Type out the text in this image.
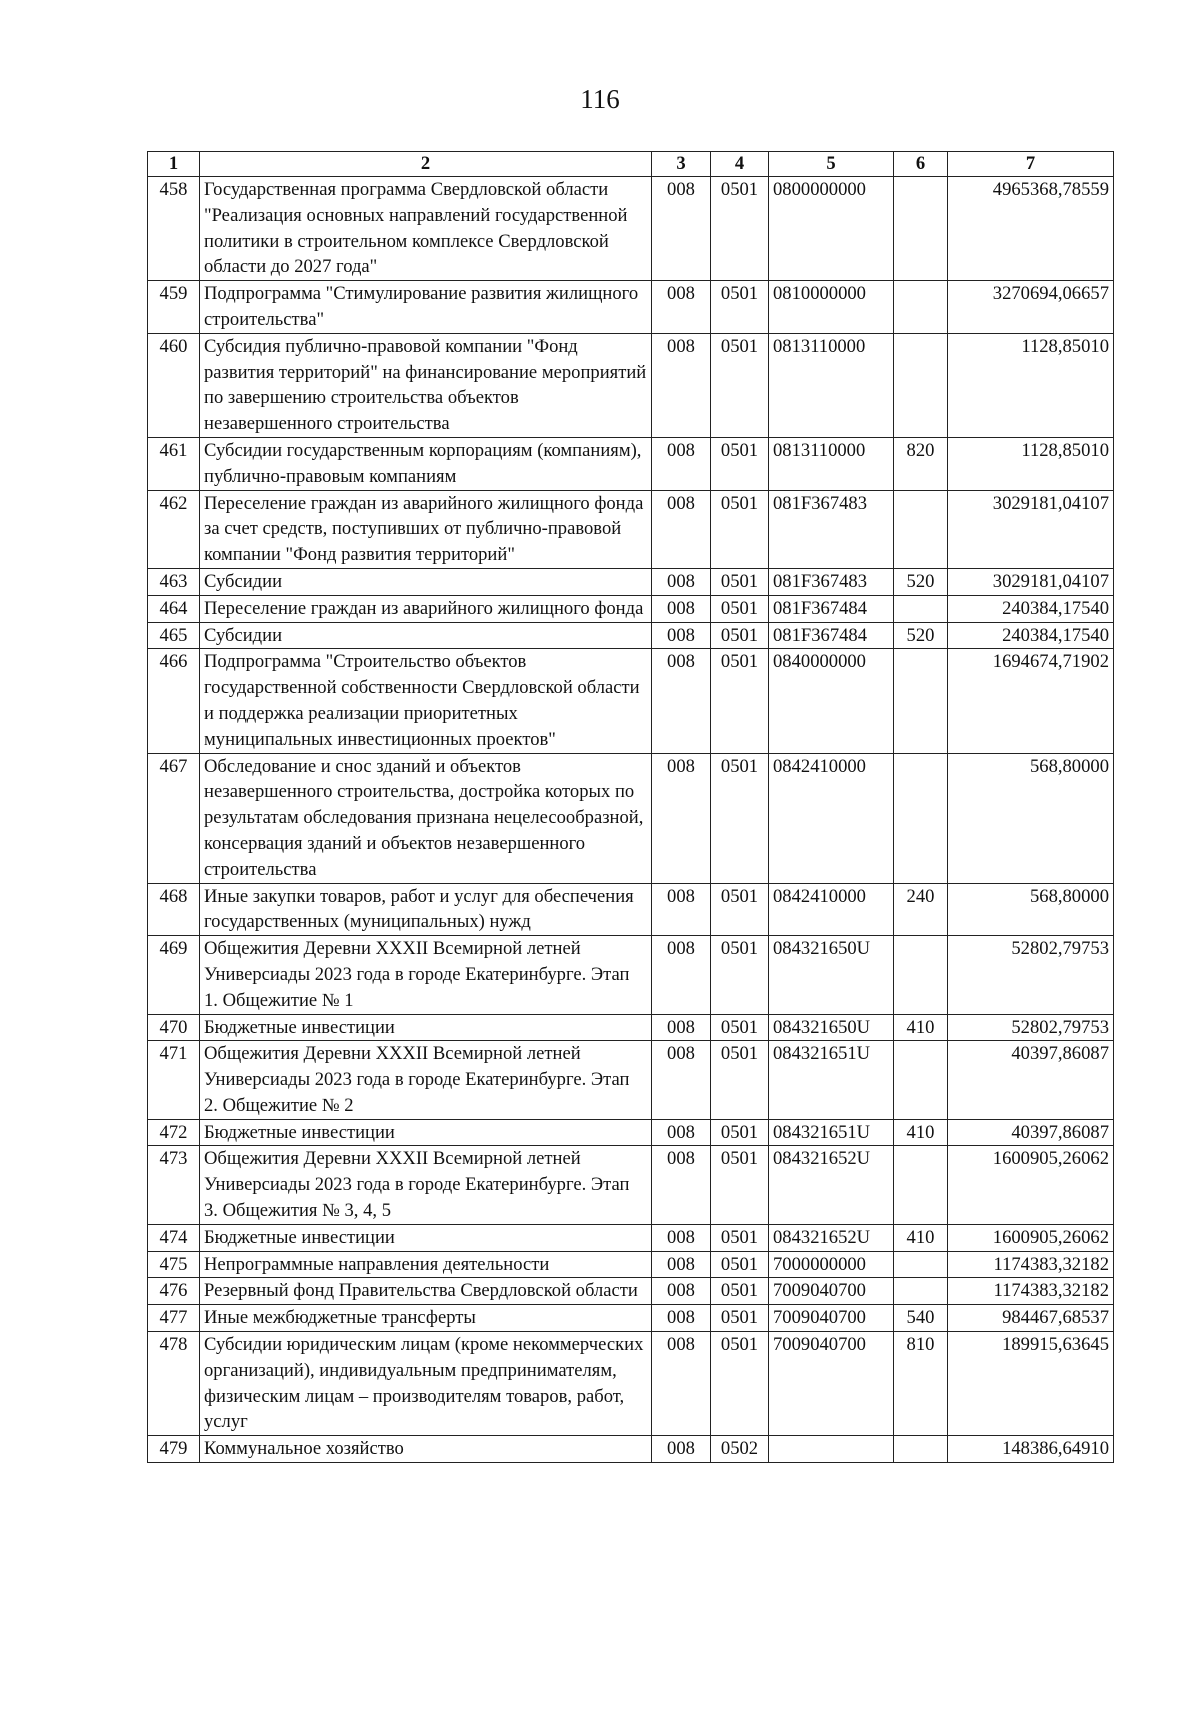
116
1	2	3	4	5	6	7
458	Государственная программа Свердловской области "Реализация основных направлений государственной политики в строительном комплексе Свердловской области до 2027 года"	008	0501	0800000000		4965368,78559
459	Подпрограмма "Стимулирование развития жилищного строительства"	008	0501	0810000000		3270694,06657
460	Субсидия публично-правовой компании "Фонд развития территорий" на финансирование мероприятий по завершению строительства объектов незавершенного строительства	008	0501	0813110000		1128,85010
461	Субсидии государственным корпорациям (компаниям), публично-правовым компаниям	008	0501	0813110000	820	1128,85010
462	Переселение граждан из аварийного жилищного фонда за счет средств, поступивших от публично-правовой компании "Фонд развития территорий"	008	0501	081F367483		3029181,04107
463	Субсидии	008	0501	081F367483	520	3029181,04107
464	Переселение граждан из аварийного жилищного фонда	008	0501	081F367484		240384,17540
465	Субсидии	008	0501	081F367484	520	240384,17540
466	Подпрограмма "Строительство объектов государственной собственности Свердловской области и поддержка реализации приоритетных муниципальных инвестиционных проектов"	008	0501	0840000000		1694674,71902
467	Обследование и снос зданий и объектов незавершенного строительства, достройка которых по результатам обследования признана нецелесообразной, консервация зданий и объектов незавершенного строительства	008	0501	0842410000		568,80000
468	Иные закупки товаров, работ и услуг для обеспечения государственных (муниципальных) нужд	008	0501	0842410000	240	568,80000
469	Общежития Деревни XXXII Всемирной летней Универсиады 2023 года в городе Екатеринбурге. Этап 1. Общежитие № 1	008	0501	084321650U		52802,79753
470	Бюджетные инвестиции	008	0501	084321650U	410	52802,79753
471	Общежития Деревни XXXII Всемирной летней Универсиады 2023 года в городе Екатеринбурге. Этап 2. Общежитие № 2	008	0501	084321651U		40397,86087
472	Бюджетные инвестиции	008	0501	084321651U	410	40397,86087
473	Общежития Деревни XXXII Всемирной летней Универсиады 2023 года в городе Екатеринбурге. Этап 3. Общежития № 3, 4, 5	008	0501	084321652U		1600905,26062
474	Бюджетные инвестиции	008	0501	084321652U	410	1600905,26062
475	Непрограммные направления деятельности	008	0501	7000000000		1174383,32182
476	Резервный фонд Правительства Свердловской области	008	0501	7009040700		1174383,32182
477	Иные межбюджетные трансферты	008	0501	7009040700	540	984467,68537
478	Субсидии юридическим лицам (кроме некоммерческих организаций), индивидуальным предпринимателям, физическим лицам – производителям товаров, работ, услуг	008	0501	7009040700	810	189915,63645
479	Коммунальное хозяйство	008	0502			148386,64910
